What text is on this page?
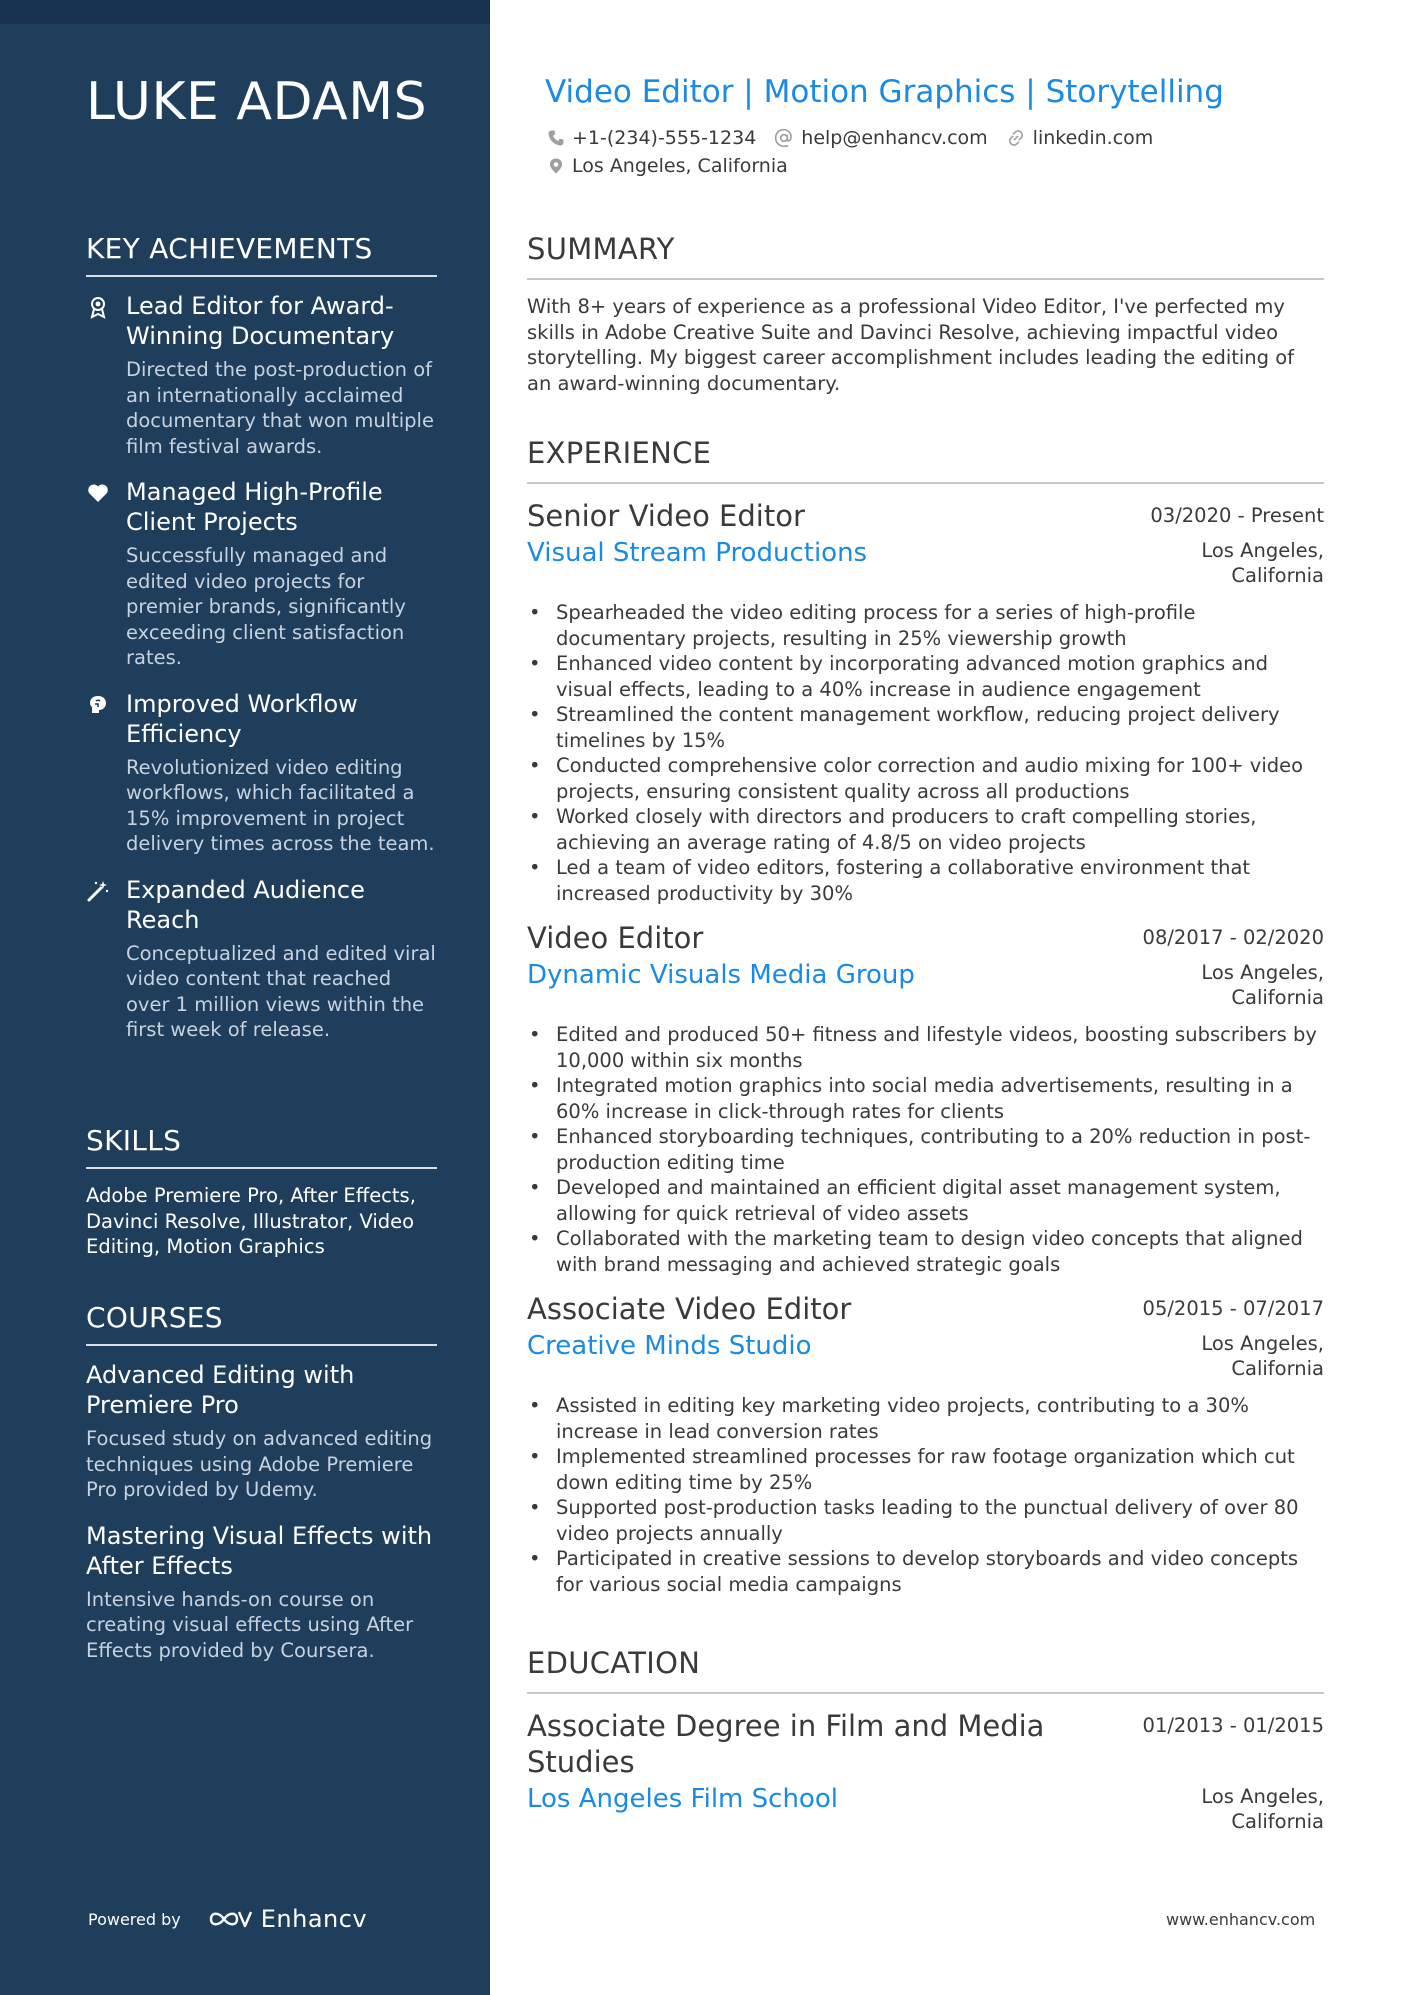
LUKE ADAMS
KEY ACHIEVEMENTS
Lead Editor for Award-Winning Documentary
Directed the post-production of an internationally acclaimed documentary that won multiple film festival awards.
Managed High-Profile Client Projects
Successfully managed and edited video projects for premier brands, significantly exceeding client satisfaction rates.
Improved Workflow Efficiency
Revolutionized video editing workflows, which facilitated a 15% improvement in project delivery times across the team.
Expanded Audience Reach
Conceptualized and edited viral video content that reached over 1 million views within the first week of release.
SKILLS
Adobe Premiere Pro, After Effects, Davinci Resolve, Illustrator, Video Editing, Motion Graphics
COURSES
Advanced Editing with Premiere Pro
Focused study on advanced editing techniques using Adobe Premiere Pro provided by Udemy.
Mastering Visual Effects with After Effects
Intensive hands-on course on creating visual effects using After Effects provided by Coursera.
Powered by	Enhancv
Video Editor | Motion Graphics | Storytelling
+1-(234)-555-1234 help@enhancv.com linkedin.com
Los Angeles, California
SUMMARY
With 8+ years of experience as a professional Video Editor, I've perfected my skills in Adobe Creative Suite and Davinci Resolve, achieving impactful video storytelling. My biggest career accomplishment includes leading the editing of an award-winning documentary.
EXPERIENCE
Senior Video Editor	03/2020 - Present
Visual Stream Productions	Los Angeles, California
• Spearheaded the video editing process for a series of high-profile documentary projects, resulting in 25% viewership growth
• Enhanced video content by incorporating advanced motion graphics and visual effects, leading to a 40% increase in audience engagement
• Streamlined the content management workflow, reducing project delivery timelines by 15%
• Conducted comprehensive color correction and audio mixing for 100+ video projects, ensuring consistent quality across all productions
• Worked closely with directors and producers to craft compelling stories, achieving an average rating of 4.8/5 on video projects
• Led a team of video editors, fostering a collaborative environment that increased productivity by 30%
Video Editor	08/2017 - 02/2020
Dynamic Visuals Media Group	Los Angeles, California
• Edited and produced 50+ fitness and lifestyle videos, boosting subscribers by 10,000 within six months
• Integrated motion graphics into social media advertisements, resulting in a 60% increase in click-through rates for clients
• Enhanced storyboarding techniques, contributing to a 20% reduction in post-production editing time
• Developed and maintained an efficient digital asset management system, allowing for quick retrieval of video assets
• Collaborated with the marketing team to design video concepts that aligned with brand messaging and achieved strategic goals
Associate Video Editor	05/2015 - 07/2017
Creative Minds Studio	Los Angeles, California
• Assisted in editing key marketing video projects, contributing to a 30% increase in lead conversion rates
• Implemented streamlined processes for raw footage organization which cut down editing time by 25%
• Supported post-production tasks leading to the punctual delivery of over 80 video projects annually
• Participated in creative sessions to develop storyboards and video concepts for various social media campaigns
EDUCATION
Associate Degree in Film and Media Studies
01/2013 - 01/2015
Los Angeles Film School	Los Angeles, California
www.enhancv.com
